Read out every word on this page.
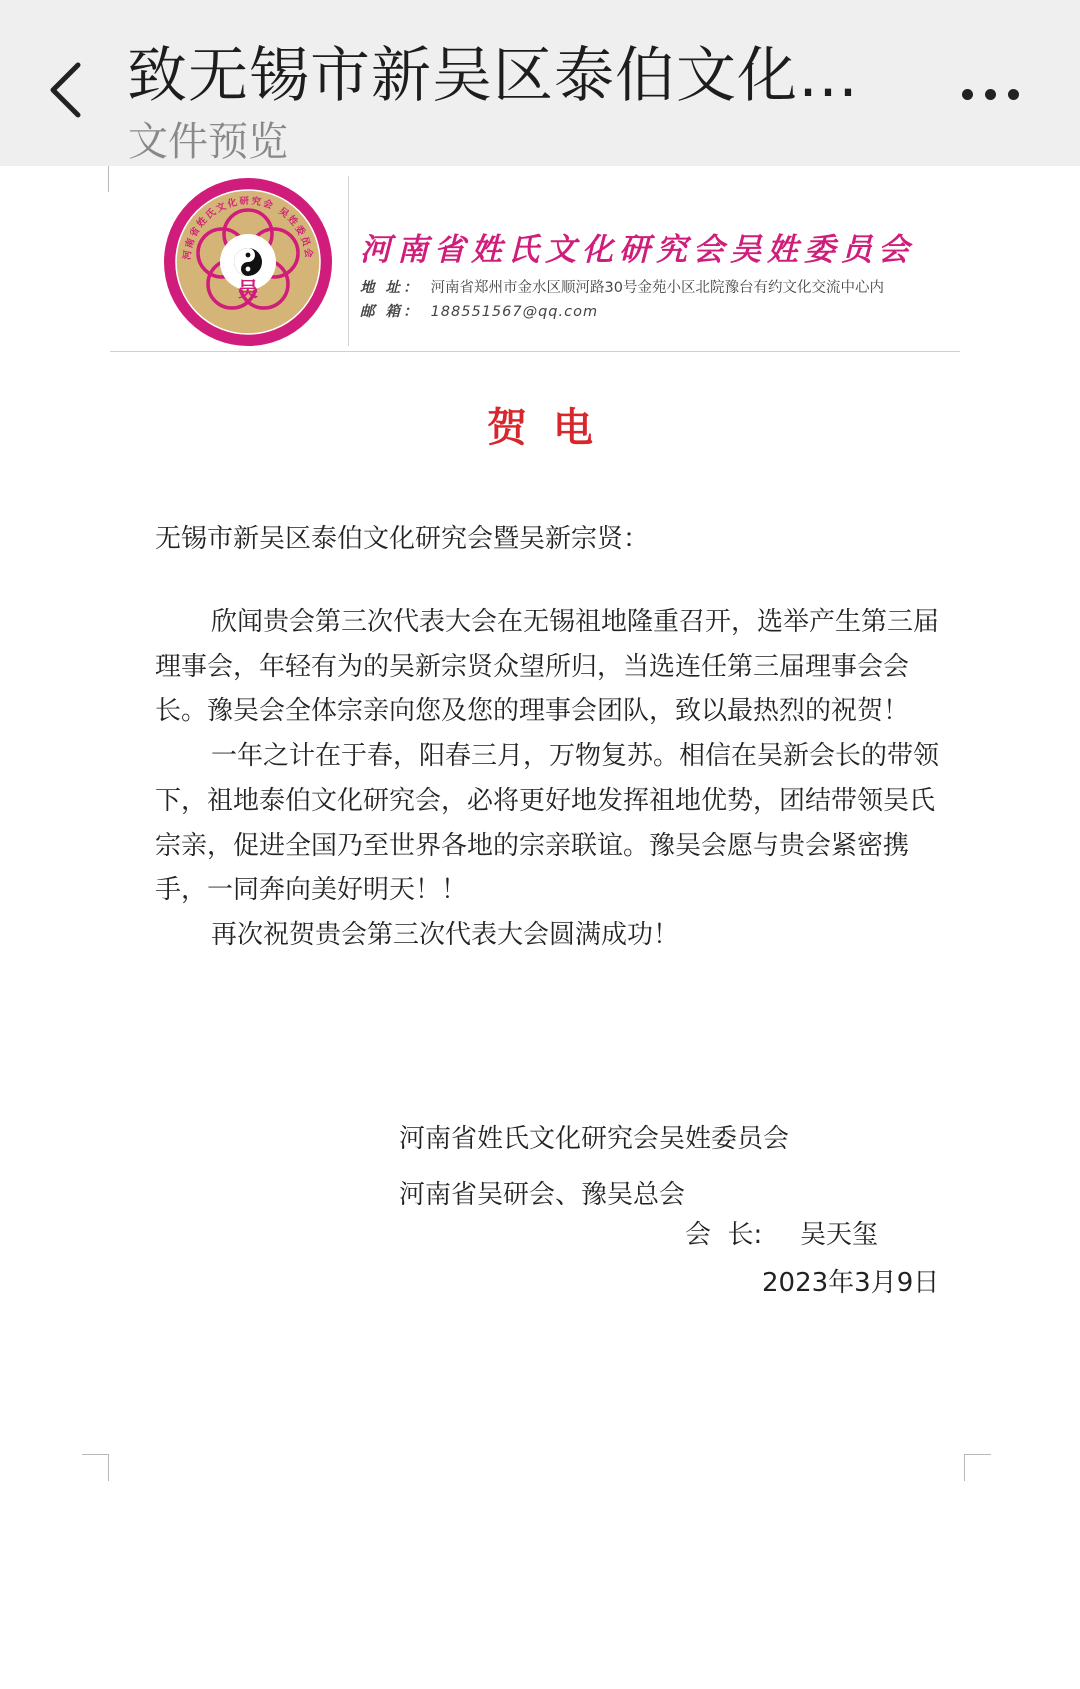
致无锡市新吴区泰伯文化…
文件预览
吴
河南省姓氏文化研究会 吴姓委员会 河南省姓氏文化研究会吴姓委员会
地 址： 河南省郑州市金水区顺河路30号金苑小区北院豫台有约文化交流中心内
邮 箱： 188551567@qq.com
贺电
无锡市新吴区泰伯文化研究会暨吴新宗贤：

欣闻贵会第三次代表大会在无锡祖地隆重召开，选举产生第三届理事会，年轻有为的吴新宗贤众望所归，当选连任第三届理事会会长。豫吴会全体宗亲向您及您的理事会团队，致以最热烈的祝贺！

一年之计在于春，阳春三月，万物复苏。相信在吴新会长的带领下，祖地泰伯文化研究会，必将更好地发挥祖地优势，团结带领吴氏宗亲，促进全国乃至世界各地的宗亲联谊。豫吴会愿与贵会紧密携手，一同奔向美好明天！！

再次祝贺贵会第三次代表大会圆满成功！

河南省姓氏文化研究会吴姓委员会
河南省吴研会、豫吴总会
会  长: 吴天玺
2023年3月9日
